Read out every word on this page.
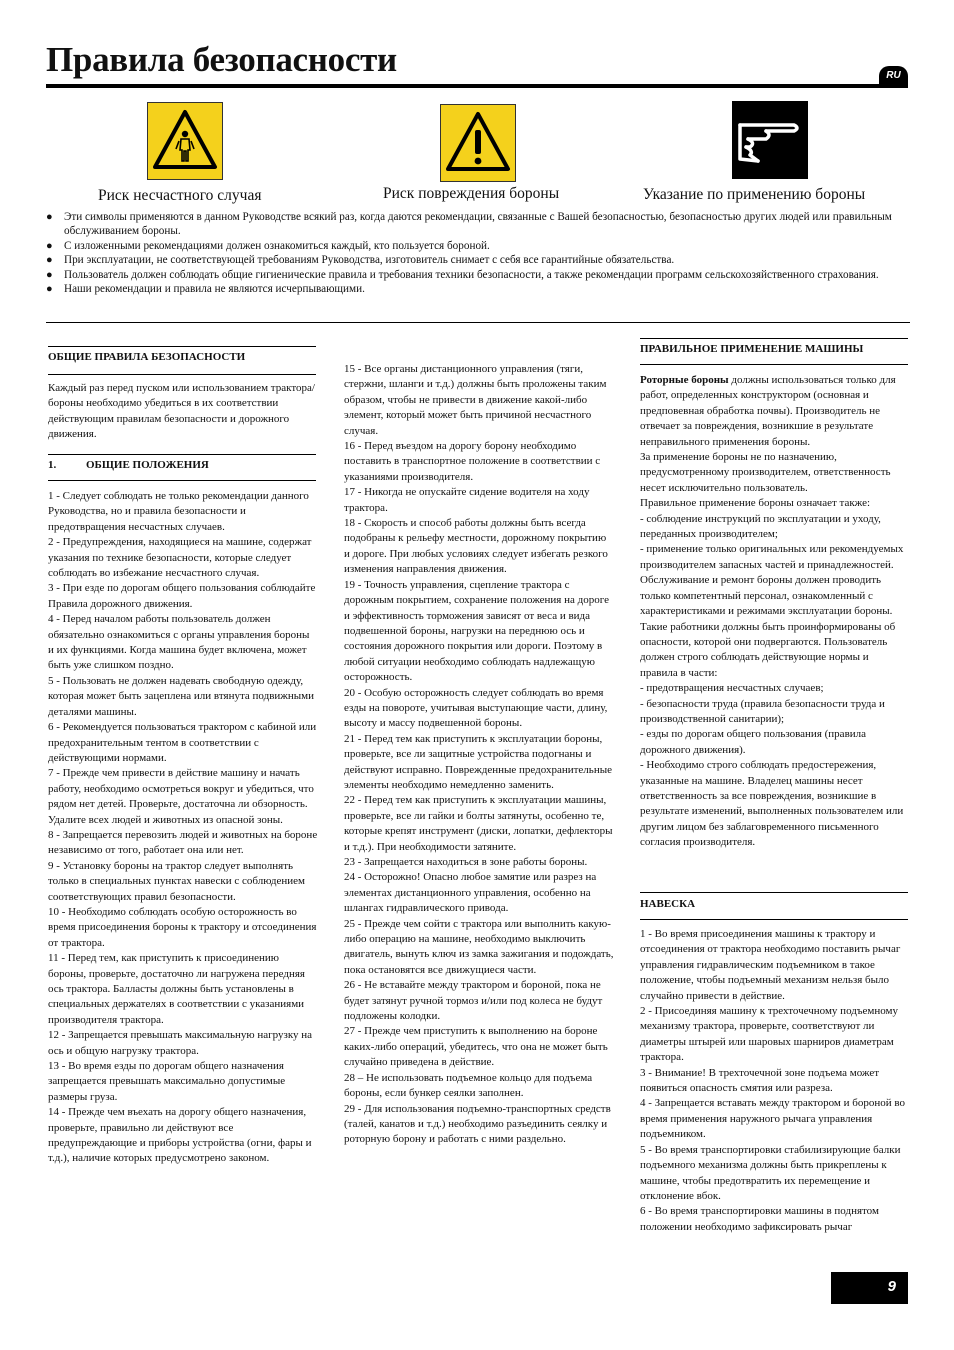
Правила безопасности	RU
Риск несчастного случая	Риск повреждения бороны	Указание по применению бороны
● Эти символы применяются в данном Руководстве всякий раз, когда даются рекомендации, связанные с Вашей безопасностью, безопасностью других людей или правильным обслуживанием бороны.
● С изложенными рекомендациями должен ознакомиться каждый, кто пользуется бороной.
● При эксплуатации, не соответствующей требованиям Руководства, изготовитель снимает с себя все гарантийные обязательства.
● Пользователь должен соблюдать общие гигиенические правила и требования техники безопасности, а также рекомендации программ сельскохозяйственного страхования.
● Наши рекомендации и правила не являются исчерпывающими.
ОБЩИЕ ПРАВИЛА БЕЗОПАСНОСТИ

Каждый раз перед пуском или использованием трактора/бороны необходимо убедиться в их соответствии действующим правилам безопасности и дорожного движения.

1.	ОБЩИЕ ПОЛОЖЕНИЯ

1 - Следует соблюдать не только рекомендации данного Руководства, но и правила безопасности и предотвращения несчастных случаев.

2 - Предупреждения, находящиеся на машине, содержат указания по технике безопасности, которые следует соблюдать во избежание несчастного случая.

3 - При езде по дорогам общего пользования соблюдайте Правила дорожного движения.

4 - Перед началом работы пользователь должен обязательно ознакомиться с органы управления бороны и их функциями. Когда машина будет включена, может быть уже слишком поздно.

5 - Пользовать не должен надевать свободную одежду, которая может быть зацеплена или втянута подвижными деталями машины.

6 - Рекомендуется пользоваться трактором с кабиной или предохранительным тентом в соответствии с действующими нормами.

7 - Прежде чем привести в действие машину и начать работу, необходимо осмотреться вокруг и убедиться, что рядом нет детей. Проверьте, достаточна ли обзорность. Удалите всех людей и животных из опасной зоны.

8 - Запрещается перевозить людей и животных на бороне независимо от того, работает она или нет.

9 - Установку бороны на трактор следует выполнять только в специальных пунктах навески с соблюдением соответствующих правил безопасности.

10 - Необходимо соблюдать особую осторожность во время присоединения бороны к трактору и отсоединения от трактора.

11 - Перед тем, как приступить к присоединению бороны, проверьте, достаточно ли нагружена передняя ось трактора. Балласты должны быть установлены в специальных держателях в соответствии с указаниями производителя трактора.

12 - Запрещается превышать максимальную нагрузку на ось и общую нагрузку трактора.

13 - Во время езды по дорогам общего назначения запрещается превышать максимально допустимые размеры груза.

14 - Прежде чем въехать на дорогу общего назначения, проверьте, правильно ли действуют все предупреждающие и приборы устройства (огни, фары и т.д.), наличие которых предусмотрено законом.

15 - Все органы дистанционного управления (тяги, стержни, шланги и т.д.) должны быть проложены таким образом, чтобы не привести в движение какой-либо элемент, который может быть причиной несчастного случая.

16 - Перед въездом на дорогу борону необходимо поставить в транспортное положение в соответствии с указаниями производителя.

17 - Никогда не опускайте сидение водителя на ходу трактора.

18 - Скорость и способ работы должны быть всегда подобраны к рельефу местности, дорожному покрытию и дороге. При любых условиях следует избегать резкого изменения направления движения.

19 - Точность управления, сцепление трактора с дорожным покрытием, сохранение положения на дороге и эффективность торможения зависят от веса и вида подвешенной бороны, нагрузки на переднюю ось и состояния дорожного покрытия или дороги. Поэтому в любой ситуации необходимо соблюдать надлежащую осторожность.

20 - Особую осторожность следует соблюдать во время езды на повороте, учитывая выступающие части, длину, высоту и массу подвешенной бороны.

21 - Перед тем как приступить к эксплуатации бороны, проверьте, все ли защитные устройства подогнаны и действуют исправно. Поврежденные предохранительные элементы необходимо немедленно заменить.

22 - Перед тем как приступить к эксплуатации машины, проверьте, все ли гайки и болты затянуты, особенно те, которые крепят инструмент (диски, лопатки, дефлекторы и т.д.). При необходимости затяните.

23 - Запрещается находиться в зоне работы бороны.

24 - Осторожно! Опасно любое замятие или разрез на элементах дистанционного управления, особенно на шлангах гидравлического привода.

25 - Прежде чем сойти с трактора или выполнить какую-либо операцию на машине, необходимо выключить двигатель, вынуть ключ из замка зажигания и подождать, пока остановятся все движущиеся части.

26 - Не вставайте между трактором и бороной, пока не будет затянут ручной тормоз и/или под колеса не будут подложены колодки.

27 - Прежде чем приступить к выполнению на бороне каких-либо операций, убедитесь, что она не может быть случайно приведена в действие.

28 – Не использовать подъемное кольцо для подъема бороны, если бункер сеялки заполнен.

29 - Для использования подъемно-транспортных средств (талей, канатов и т.д.) необходимо разъединить сеялку и роторную борону и работать с ними раздельно.

ПРАВИЛЬНОЕ ПРИМЕНЕНИЕ МАШИНЫ

Роторные бороны должны использоваться только для работ, определенных конструктором (основная и предповевная обработка почвы). Производитель не отвечает за повреждения, возникшие в результате неправильного применения бороны.

За применение бороны не по назначению, предусмотренному производителем, ответственность несет исключительно пользователь.

Правильное применение бороны означает также:

- соблюдение инструкций по эксплуатации и уходу, переданных производителем;

- применение только оригинальных или рекомендуемых производителем запасных частей и принадлежностей.

Обслуживание и ремонт бороны должен проводить только компетентный персонал, ознакомленный с характеристиками и режимами эксплуатации бороны. Такие работники должны быть проинформированы об опасности, которой они подвергаются. Пользователь должен строго соблюдать действующие нормы и правила в части:

- предотвращения несчастных случаев;

- безопасности труда (правила безопасности труда и производственной санитарии);

- езды по дорогам общего пользования (правила дорожного движения).

- Необходимо строго соблюдать предостережения, указанные на машине. Владелец машины несет ответственность за все повреждения, возникшие в результате изменений, выполненных пользователем или другим лицом без заблаговременного письменного согласия производителя.

НАВЕСКА

1 - Во время присоединения машины к трактору и отсоединения от трактора необходимо поставить рычаг управления гидравлическим подъемником в такое положение, чтобы подъемный механизм нельзя было случайно привести в действие.

2 - Присоединяя машину к трехточечному подъемному механизму трактора, проверьте, соответствуют ли диаметры штырей или шаровых шарниров диаметрам трактора.

3 - Внимание! В трехточечной зоне подъема может появиться опасность смятия или разреза.

4 - Запрещается вставать между трактором и бороной во время применения наружного рычага управления подъемником.

5 - Во время транспортировки стабилизирующие балки подъемного механизма должны быть прикреплены к машине, чтобы предотвратить их перемещение и отклонение вбок.

6 - Во время транспортировки машины в поднятом положении необходимо зафиксировать рычаг

9
